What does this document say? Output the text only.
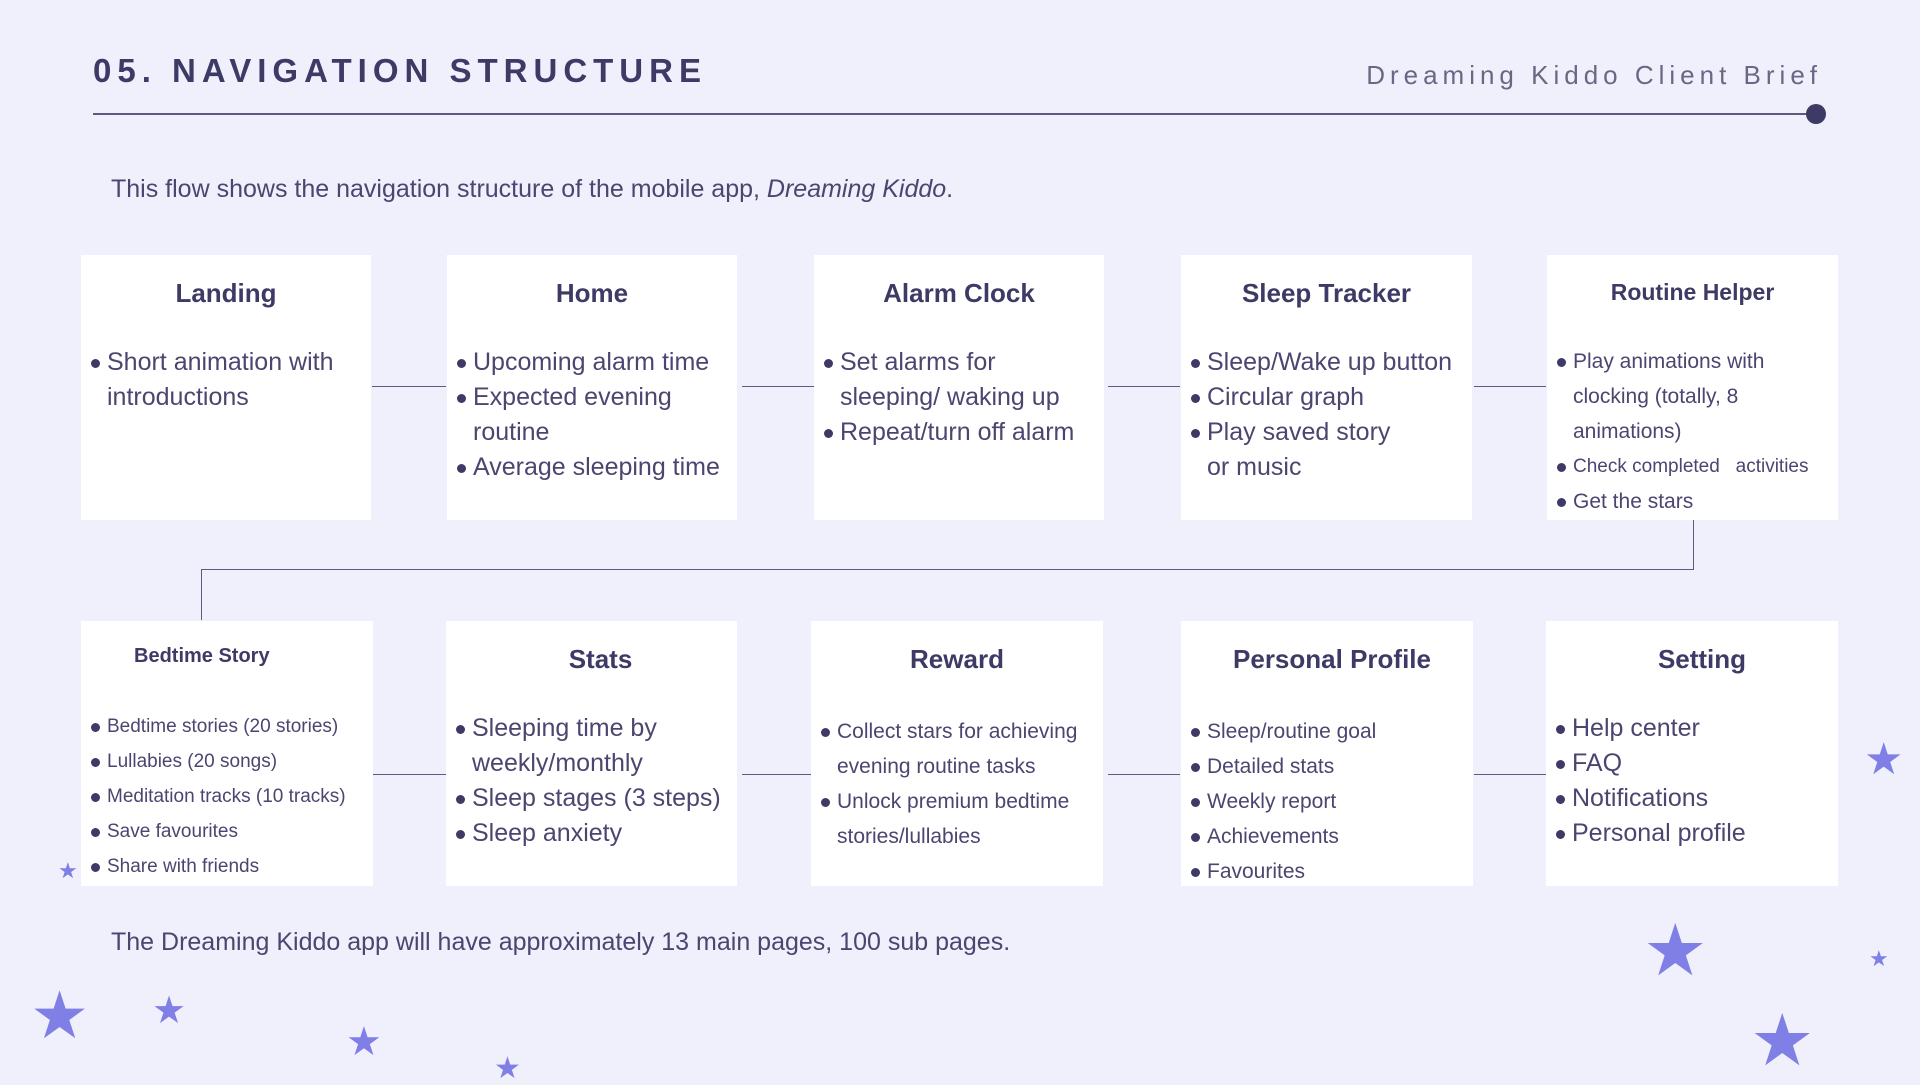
05. NAVIGATION STRUCTURE	Dreaming Kiddo Client Brief

This flow shows the navigation structure of the mobile app, Dreaming Kiddo.

Landing
Short animation with introductions
Home
Upcoming alarm time
Expected evening routine
Average sleeping time
Alarm Clock
Set alarms for sleeping/ waking up
Repeat/turn off alarm
Sleep Tracker
Sleep/Wake up button
Circular graph
Play saved story or music
Routine Helper
Play animations with clocking (totally, 8 animations)
Check completed   activities
Get the stars
Bedtime Story
Bedtime stories (20 stories)
Lullabies (20 songs)
Meditation tracks (10 tracks)
Save favourites
Share with friends
Stats
Sleeping time by weekly/monthly
Sleep stages (3 steps)
Sleep anxiety
Reward
Collect stars for achieving evening routine tasks
Unlock premium bedtime stories/lullabies
Personal Profile
Sleep/routine goal
Detailed stats
Weekly report
Achievements
Favourites
Setting
Help center
FAQ
Notifications
Personal profile

The Dreaming Kiddo app will have approximately 13 main pages, 100 sub pages.

★ ★
★
★
★
★
★
★
★
